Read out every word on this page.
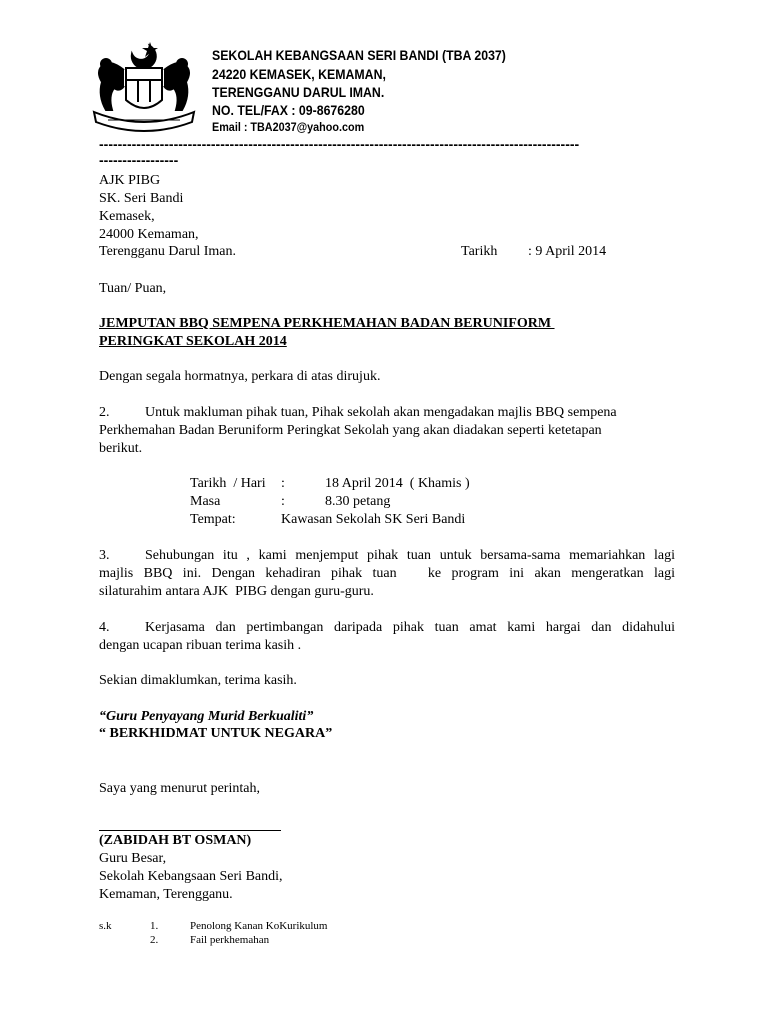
SEKOLAH KEBANGSAAN SERI BANDI (TBA 2037)
24220 KEMASEK, KEMAMAN,
TERENGGANU DARUL IMAN.
NO. TEL/FAX : 09-8676280
Email : TBA2037@yahoo.com
-------------------------------------------------------------------------------------------------------
-----------------
AJK PIBG
SK. Seri Bandi
Kemasek,
24000 Kemaman,
Terengganu Darul Iman.	Tarikh : 9 April 2014
Tuan/ Puan,
JEMPUTAN BBQ SEMPENA PERKHEMAHAN BADAN BERUNIFORM
PERINGKAT SEKOLAH 2014
Dengan segala hormatnya, perkara di atas dirujuk.
2.	Untuk makluman pihak tuan, Pihak sekolah akan mengadakan majlis BBQ sempena
Perkhemahan Badan Beruniform Peringkat Sekolah yang akan diadakan seperti ketetapan
berikut.
Tarikh  / Hari :	18 April 2014  ( Khamis )
Masa	:	8.30 petang
Tempat:	Kawasan Sekolah SK Seri Bandi
3.	Sehubungan itu , kami menjemput pihak tuan untuk bersama-sama memariahkan lagi
majlis BBQ ini. Dengan kehadiran pihak tuan   ke program ini akan mengeratkan lagi
silaturahim antara AJK  PIBG dengan guru-guru.
4.	Kerjasama dan pertimbangan daripada pihak tuan amat kami hargai dan didahului
dengan ucapan ribuan terima kasih .
Sekian dimaklumkan, terima kasih.
“Guru Penyayang Murid Berkualiti”
“ BERKHIDMAT UNTUK NEGARA”
Saya yang menurut perintah,
(ZABIDAH BT OSMAN)
Guru Besar,
Sekolah Kebangsaan Seri Bandi,
Kemaman, Terengganu.
s.k	1.	Penolong Kanan KoKurikulum
2.	Fail perkhemahan
